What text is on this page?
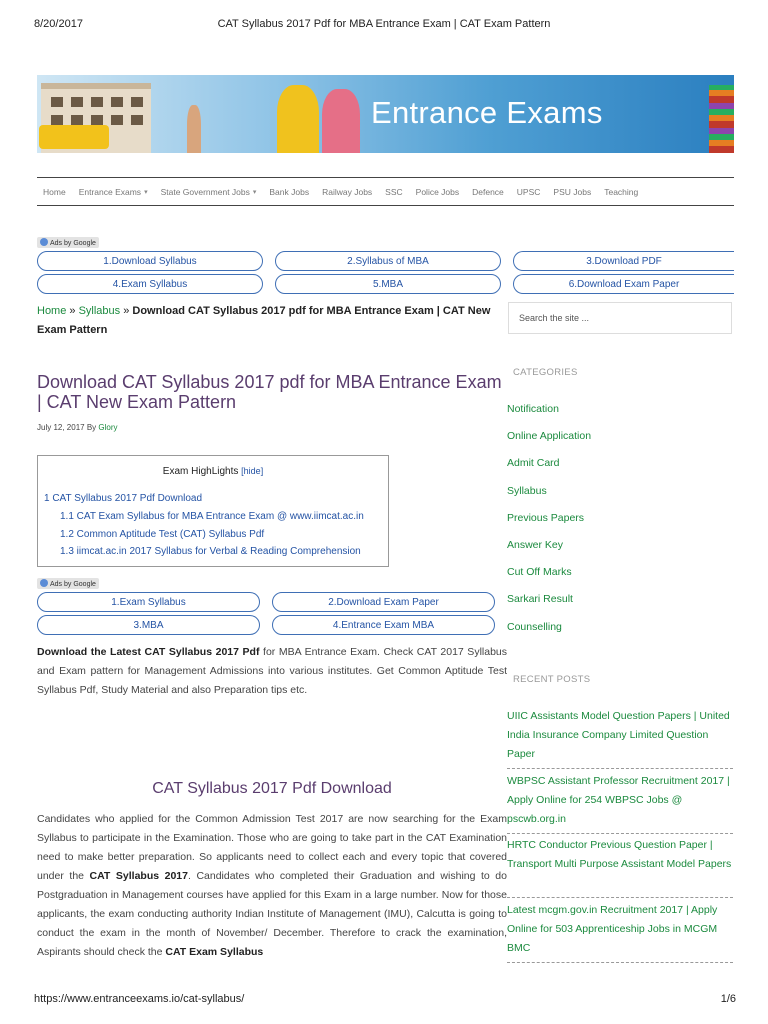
8/20/2017	CAT Syllabus 2017 Pdf for MBA Entrance Exam | CAT Exam Pattern
Entrance Exams
Home Entrance Exams ▾ State Government Jobs ▾ Bank Jobs Railway Jobs SSC Police Jobs Defence UPSC PSU Jobs Teaching
Ads by Google
1.Download Syllabus	2.Syllabus of MBA	3.Download PDF
4.Exam Syllabus	5.MBA	6.Download Exam Paper
Home » Syllabus » Download CAT Syllabus 2017 pdf for MBA Entrance Exam | CAT New Exam Pattern
Search the site ...
Download CAT Syllabus 2017 pdf for MBA Entrance Exam | CAT New Exam Pattern
July 12, 2017 By Glory
Exam HighLights [hide]
1 CAT Syllabus 2017 Pdf Download
1.1 CAT Exam Syllabus for MBA Entrance Exam @ www.iimcat.ac.in
1.2 Common Aptitude Test (CAT) Syllabus Pdf
1.3 iimcat.ac.in 2017 Syllabus for Verbal & Reading Comprehension
Ads by Google
1.Exam Syllabus	2.Download Exam Paper
3.MBA	4.Entrance Exam MBA
Download the Latest CAT Syllabus 2017 Pdf for MBA Entrance Exam. Check CAT 2017 Syllabus and Exam pattern for Management Admissions into various institutes. Get Common Aptitude Test Syllabus Pdf, Study Material and also Preparation tips etc.
CAT Syllabus 2017 Pdf Download
Candidates who applied for the Common Admission Test 2017 are now searching for the Exam Syllabus to participate in the Examination. Those who are going to take part in the CAT Examination need to make better preparation. So applicants need to collect each and every topic that covered under the CAT Syllabus 2017. Candidates who completed their Graduation and wishing to do Postgraduation in Management courses have applied for this Exam in a large number. Now for those applicants, the exam conducting authority Indian Institute of Management (IMU), Calcutta is going to conduct the exam in the month of November/ December. Therefore to crack the examination, Aspirants should check the CAT Exam Syllabus
CATEGORIES
Notification
Online Application
Admit Card
Syllabus
Previous Papers
Answer Key
Cut Off Marks
Sarkari Result
Counselling
RECENT POSTS
UIIC Assistants Model Question Papers | United India Insurance Company Limited Question Paper
WBPSC Assistant Professor Recruitment 2017 | Apply Online for 254 WBPSC Jobs @ pscwb.org.in
HRTC Conductor Previous Question Paper | Transport Multi Purpose Assistant Model Papers
Latest mcgm.gov.in Recruitment 2017 | Apply Online for 503 Apprenticeship Jobs in MCGM BMC
https://www.entranceexams.io/cat-syllabus/	1/6
